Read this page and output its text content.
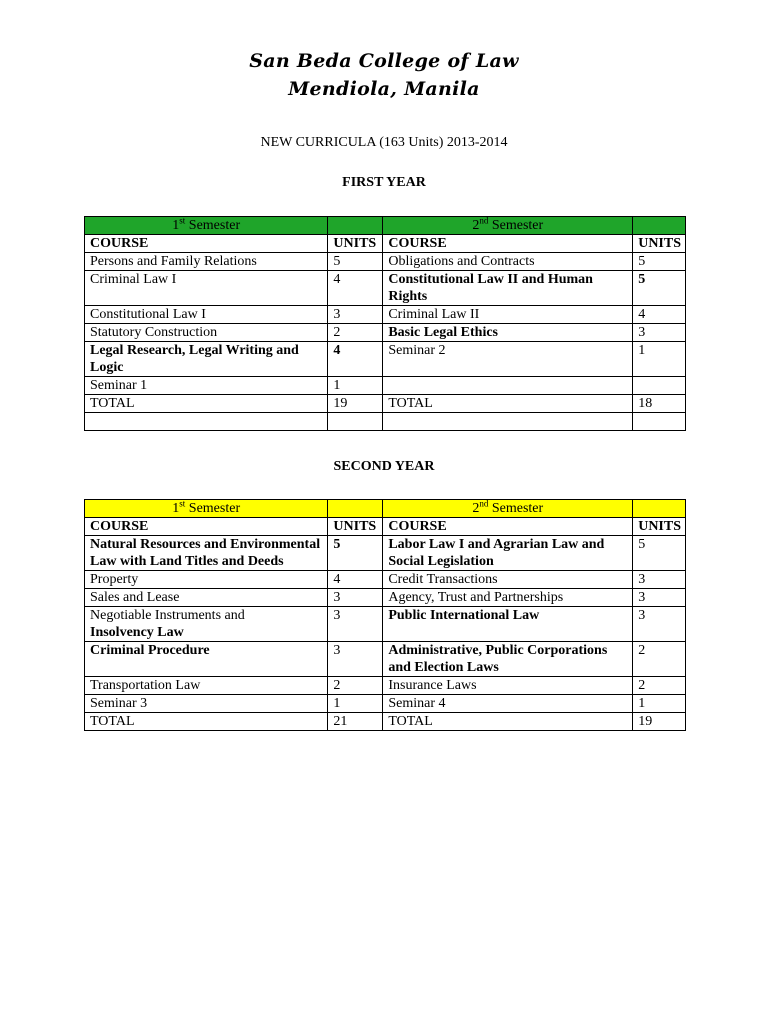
San Beda College of Law
Mendiola, Manila
NEW CURRICULA (163 Units) 2013-2014
FIRST YEAR
1st Semester		2nd Semester	
COURSE	UNITS	COURSE	UNITS
Persons and Family Relations	5	Obligations and Contracts	5
Criminal Law I	4	Constitutional Law II and Human Rights	5
Constitutional Law I	3	Criminal Law II	4
Statutory Construction	2	Basic Legal Ethics	3
Legal Research, Legal Writing and Logic	4	Seminar 2	1
Seminar 1	1		
TOTAL	19	TOTAL	18

SECOND YEAR
1st Semester		2nd Semester	
COURSE	UNITS	COURSE	UNITS
Natural Resources and Environmental Law with Land Titles and Deeds	5	Labor Law I and Agrarian Law and Social Legislation	5
Property	4	Credit Transactions	3
Sales and Lease	3	Agency, Trust and Partnerships	3
Negotiable Instruments and
Insolvency Law	3	Public International Law	3
Criminal Procedure	3	Administrative, Public Corporations and Election Laws	2
Transportation Law	2	Insurance Laws	2
Seminar 3	1	Seminar 4	1
TOTAL	21	TOTAL	19
